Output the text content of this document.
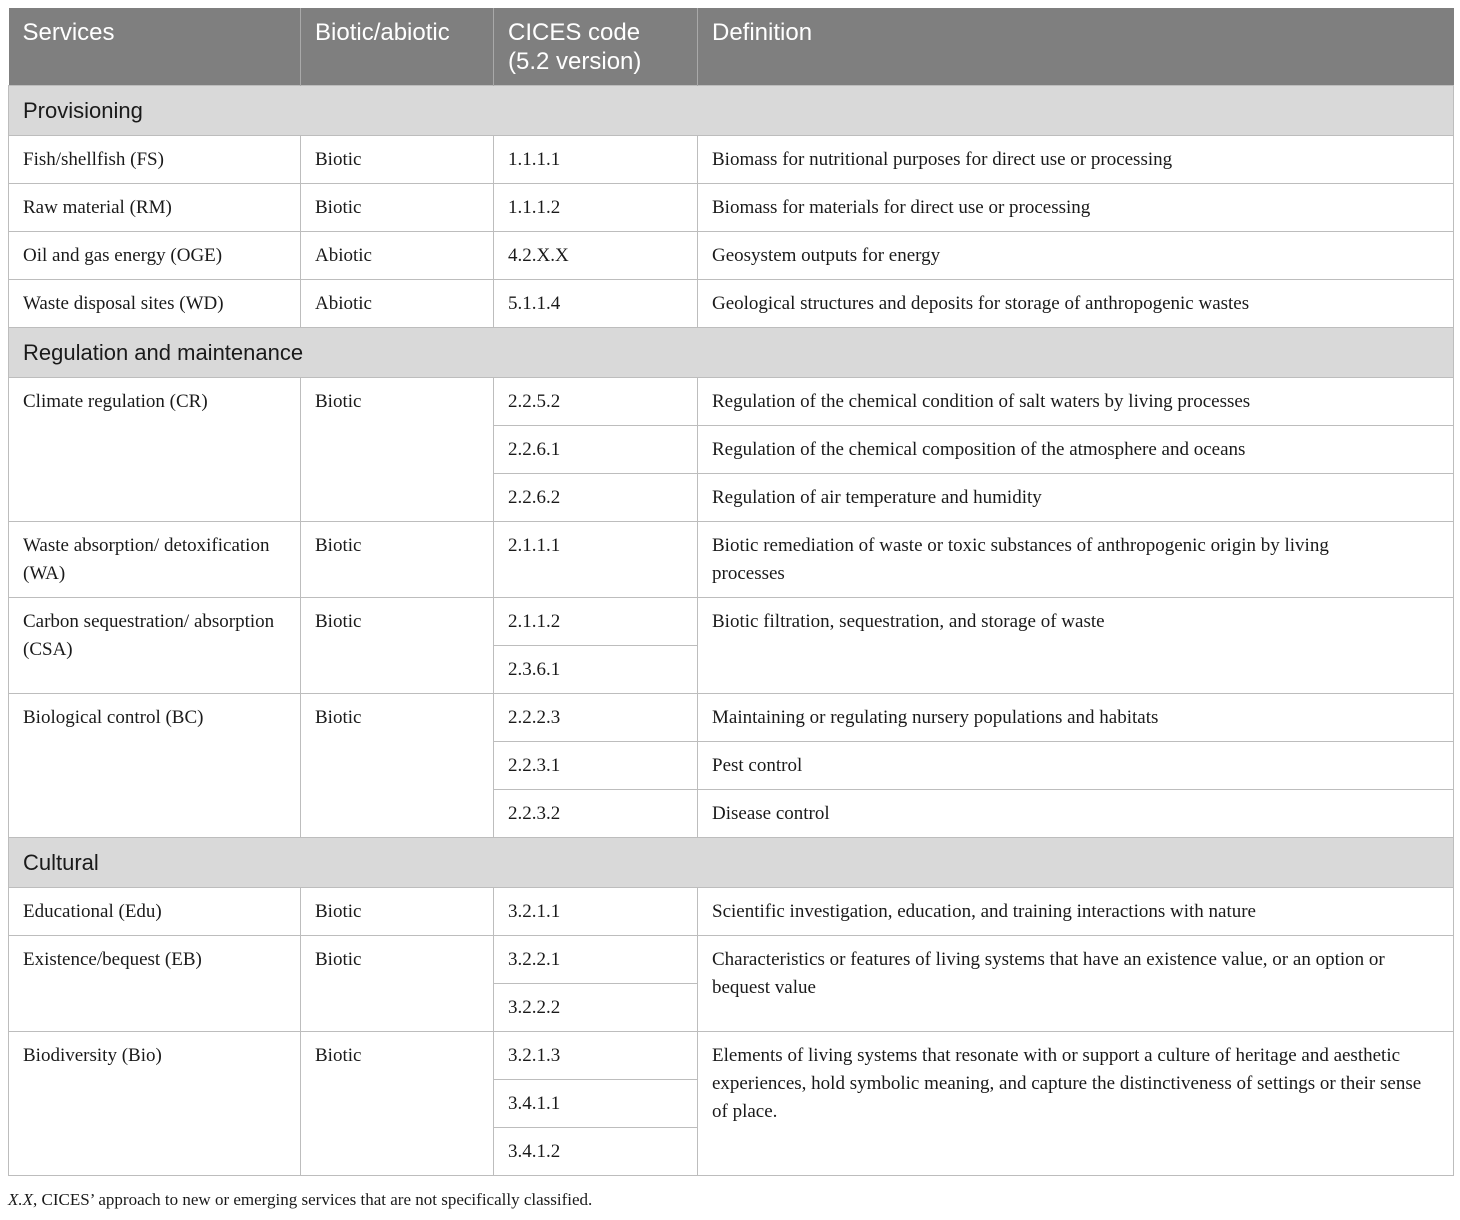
Services	Biotic/abiotic	CICES code (5.2 version)	Definition
Provisioning			
Fish/shellfish (FS)	Biotic	1.1.1.1	Biomass for nutritional purposes for direct use or processing
Raw material (RM)	Biotic	1.1.1.2	Biomass for materials for direct use or processing
Oil and gas energy (OGE)	Abiotic	4.2.X.X	Geosystem outputs for energy
Waste disposal sites (WD)	Abiotic	5.1.1.4	Geological structures and deposits for storage of anthropogenic wastes
Regulation and maintenance			
Climate regulation (CR)	Biotic	2.2.5.2	Regulation of the chemical condition of salt waters by living processes
		2.2.6.1	Regulation of the chemical composition of the atmosphere and oceans
		2.2.6.2	Regulation of air temperature and humidity
Waste absorption/ detoxification (WA)	Biotic	2.1.1.1	Biotic remediation of waste or toxic substances of anthropogenic origin by living processes

Carbon sequestration/ absorption (CSA)	Biotic	2.1.1.2	Biotic filtration, sequestration, and storage of waste
		2.3.6.1	
Biological control (BC)	Biotic	2.2.2.3	Maintaining or regulating nursery populations and habitats
		2.2.3.1	Pest control
		2.2.3.2	Disease control
Cultural			
Educational (Edu)	Biotic	3.2.1.1	Scientific investigation, education, and training interactions with nature
Existence/bequest (EB)	Biotic	3.2.2.1	Characteristics or features of living systems that have an existence value, or an option or bequest value
		3.2.2.2	
Biodiversity (Bio)	Biotic	3.2.1.3	Elements of living systems that resonate with or support a culture of heritage and aesthetic experiences, hold symbolic meaning, and capture the distinctiveness of settings or their sense of place.
		3.4.1.1	
		3.4.1.2	
X.X, CICES’ approach to new or emerging services that are not specifically classified.
